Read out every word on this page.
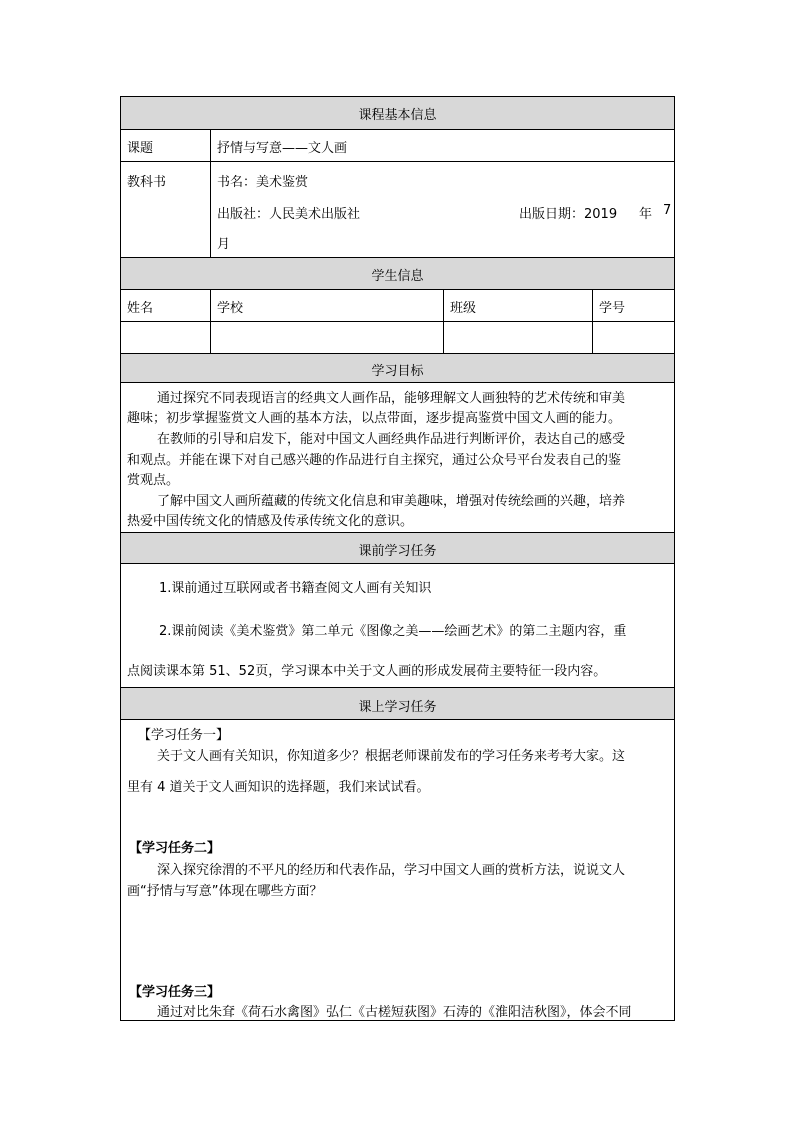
课程基本信息
课题	抒情与写意——文人画
教科书	书名：美术鉴赏
出版社：人民美术出版社	出版日期：2019 年 7
月
学生信息
姓名	学校	班级	学号
学习目标
通过探究不同表现语言的经典文人画作品，能够理解文人画独特的艺术传统和审美
趣味；初步掌握鉴赏文人画的基本方法，以点带面，逐步提高鉴赏中国文人画的能力。
在教师的引导和启发下，能对中国文人画经典作品进行判断评价，表达自己的感受
和观点。并能在课下对自己感兴趣的作品进行自主探究，通过公众号平台发表自己的鉴
赏观点。
了解中国文人画所蕴藏的传统文化信息和审美趣味，增强对传统绘画的兴趣，培养
热爱中国传统文化的情感及传承传统文化的意识。
课前学习任务
1.课前通过互联网或者书籍查阅文人画有关知识
2.课前阅读《美术鉴赏》第二单元《图像之美——绘画艺术》的第二主题内容，重
点阅读课本第 51、52页，学习课本中关于文人画的形成发展荷主要特征一段内容。
课上学习任务
【学习任务一】
关于文人画有关知识，你知道多少？根据老师课前发布的学习任务来考考大家。这
里有 4 道关于文人画知识的选择题，我们来试试看。
【学习任务二】
深入探究徐渭的不平凡的经历和代表作品，学习中国文人画的赏析方法，说说文人
画“抒情与写意”体现在哪些方面？
【学习任务三】
通过对比朱耷《荷石水禽图》弘仁《古槎短荻图》石涛的《淮阳洁秋图》，体会不同
